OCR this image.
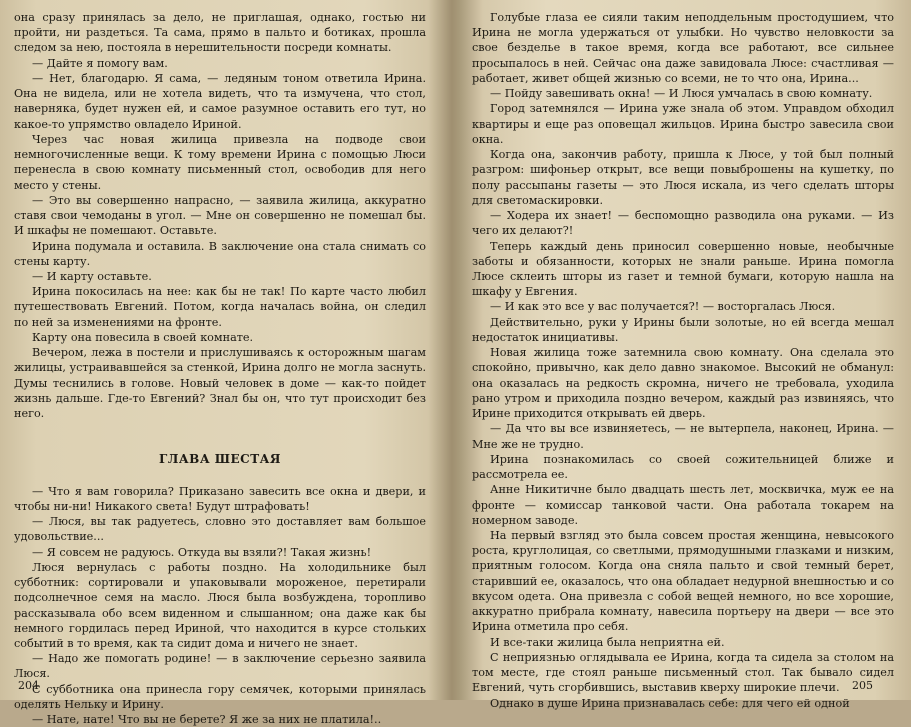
она сразу принялась за дело, не приглашая, однако, гостью ни пройти, ни раздеться. Та сама, прямо в пальто и ботиках, прошла следом за нею, постояла в нерешительности посреди комнаты.

— Дайте я помогу вам.

— Нет, благодарю. Я сама, — ледяным тоном ответила Ирина. Она не видела, или не хотела видеть, что та измучена, что стол, наверняка, будет нужен ей, и самое разумное оставить его тут, но какое-то упрямство овладело Ириной.

Через час новая жилица привезла на подводе свои немногочисленные вещи. К тому времени Ирина с помощью Люси перенесла в свою комнату письменный стол, освободив для него место у стены.

— Это вы совершенно напрасно, — заявила жилица, аккуратно ставя свои чемоданы в угол. — Мне он совершенно не помешал бы. И шкафы не помешают. Оставьте.

Ирина подумала и оставила. В заключение она стала снимать со стены карту.

— И карту оставьте.

Ирина покосилась на нее: как бы не так! По карте часто любил путешествовать Евгений. Потом, когда началась война, он следил по ней за изменениями на фронте.

Карту она повесила в своей комнате.

Вечером, лежа в постели и прислушиваясь к осторожным шагам жилицы, устраивавшейся за стенкой, Ирина долго не могла заснуть. Думы теснились в голове. Новый человек в доме — как-то пойдет жизнь дальше. Где-то Евгений? Знал бы он, что тут происходит без него.

ГЛАВА ШЕСТАЯ

— Что я вам говорила? Приказано завесить все окна и двери, и чтобы ни-ни! Никакого света! Будут штрафовать!

— Люся, вы так радуетесь, словно это доставляет вам большое удовольствие...

— Я совсем не радуюсь. Откуда вы взяли?! Такая жизнь!

Люся вернулась с работы поздно. На холодильнике был субботник: сортировали и упаковывали мороженое, перетирали подсолнечное семя на масло. Люся была возбуждена, торопливо рассказывала обо всем виденном и слышанном; она даже как бы немного гордилась перед Ириной, что находится в курсе стольких событий в то время, как та сидит дома и ничего не знает.

— Надо же помогать родине! — в заключение серьезно заявила Люся.

С субботника она принесла гору семячек, которыми принялась оделять Нельку и Ирину.

— Нате, нате! Что вы не берете? Я же за них не платила!..

Голубые глаза ее сияли таким неподдельным простодушием, что Ирина не могла удержаться от улыбки. Но чувство неловкости за свое безделье в такое время, когда все работают, все сильнее просыпалось в ней. Сейчас она даже завидовала Люсе: счастливая — работает, живет общей жизнью со всеми, не то что она, Ирина...

— Пойду завешивать окна! — И Люся умчалась в свою комнату.

Город затемнялся — Ирина уже знала об этом. Управдом обходил квартиры и еще раз оповещал жильцов. Ирина быстро завесила свои окна.

Когда она, закончив работу, пришла к Люсе, у той был полный разгром: шифоньер открыт, все вещи повыброшены на кушетку, по полу рассыпаны газеты — это Люся искала, из чего сделать шторы для светомаскировки.

— Ходера их знает! — беспомощно разводила она руками. — Из чего их делают?!

Теперь каждый день приносил совершенно новые, необычные заботы и обязанности, которых не знали раньше. Ирина помогла Люсе склеить шторы из газет и темной бумаги, которую нашла на шкафу у Евгения.

— И как это все у вас получается?! — восторгалась Люся.

Действительно, руки у Ирины были золотые, но ей всегда мешал недостаток инициативы.

Новая жилица тоже затемнила свою комнату. Она сделала это спокойно, привычно, как дело давно знакомое. Высокий не обманул: она оказалась на редкость скромна, ничего не требовала, уходила рано утром и приходила поздно вечером, каждый раз извиняясь, что Ирине приходится открывать ей дверь.

— Да что вы все извиняетесь, — не вытерпела, наконец, Ирина. — Мне же не трудно.

Ирина познакомилась со своей сожительницей ближе и рассмотрела ее.

Анне Никитичне было двадцать шесть лет, москвичка, муж ее на фронте — комиссар танковой части. Она работала токарем на номерном заводе.

На первый взгляд это была совсем простая женщина, невысокого роста, круглолицая, со светлыми, прямодушными глазками и низким, приятным голосом. Когда она сняла пальто и свой темный берет, старивший ее, оказалось, что она обладает недурной внешностью и со вкусом одета. Она привезла с собой вещей немного, но все хорошие, аккуратно прибрала комнату, навесила портьеру на двери — все это Ирина отметила про себя.

И все-таки жилица была неприятна ей.

С неприязнью оглядывала ее Ирина, когда та сидела за столом на том месте, где стоял раньше письменный стол. Так бывало сидел Евгений, чуть сгорбившись, выставив кверху широкие плечи.

Однако в душе Ирина признавалась себе: для чего ей одной

204	205
